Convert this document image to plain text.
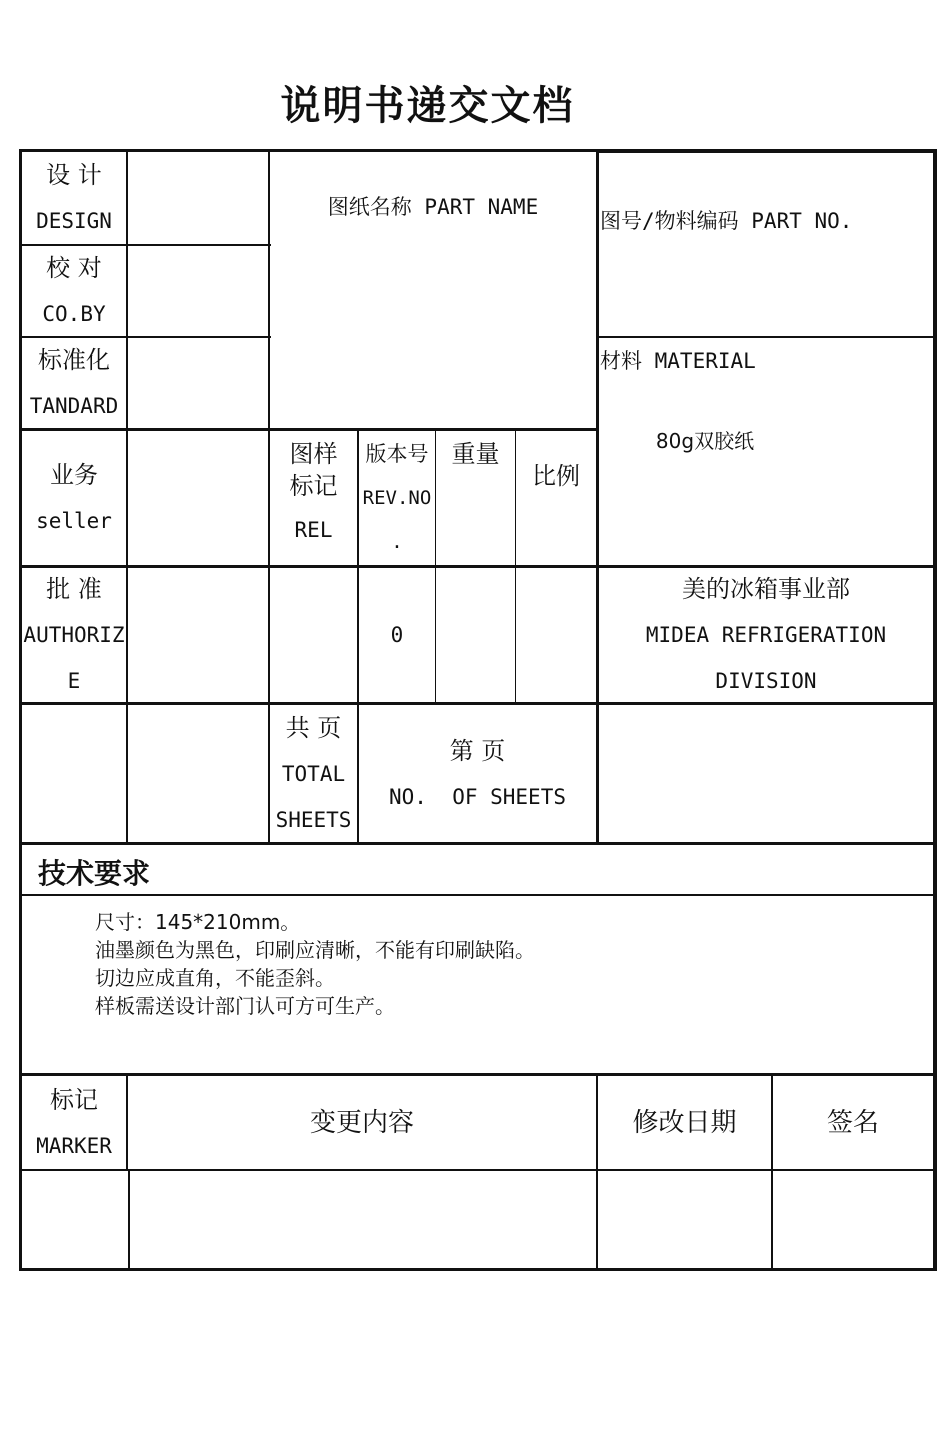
说明书递交文档
设 计
DESIGN
校 对
CO.BY
标准化
TANDARD
图纸名称 PART NAME
图号/物料编码 PART NO.
材料 MATERIAL
80g双胶纸
业务
seller
图样
标记
REL
版本号
REV.NO
.
重量
比例
批 准
AUTHORIZ
E
0
美的冰箱事业部
MIDEA REFRIGERATION
DIVISION
共 页
TOTAL
SHEETS
第 页
NO.  OF SHEETS
技术要求
尺寸：145*210mm。
油墨颜色为黑色，印刷应清晰，不能有印刷缺陷。
切边应成直角，不能歪斜。
样板需送设计部门认可方可生产。
标记
MARKER
变更内容	修改日期	签名
